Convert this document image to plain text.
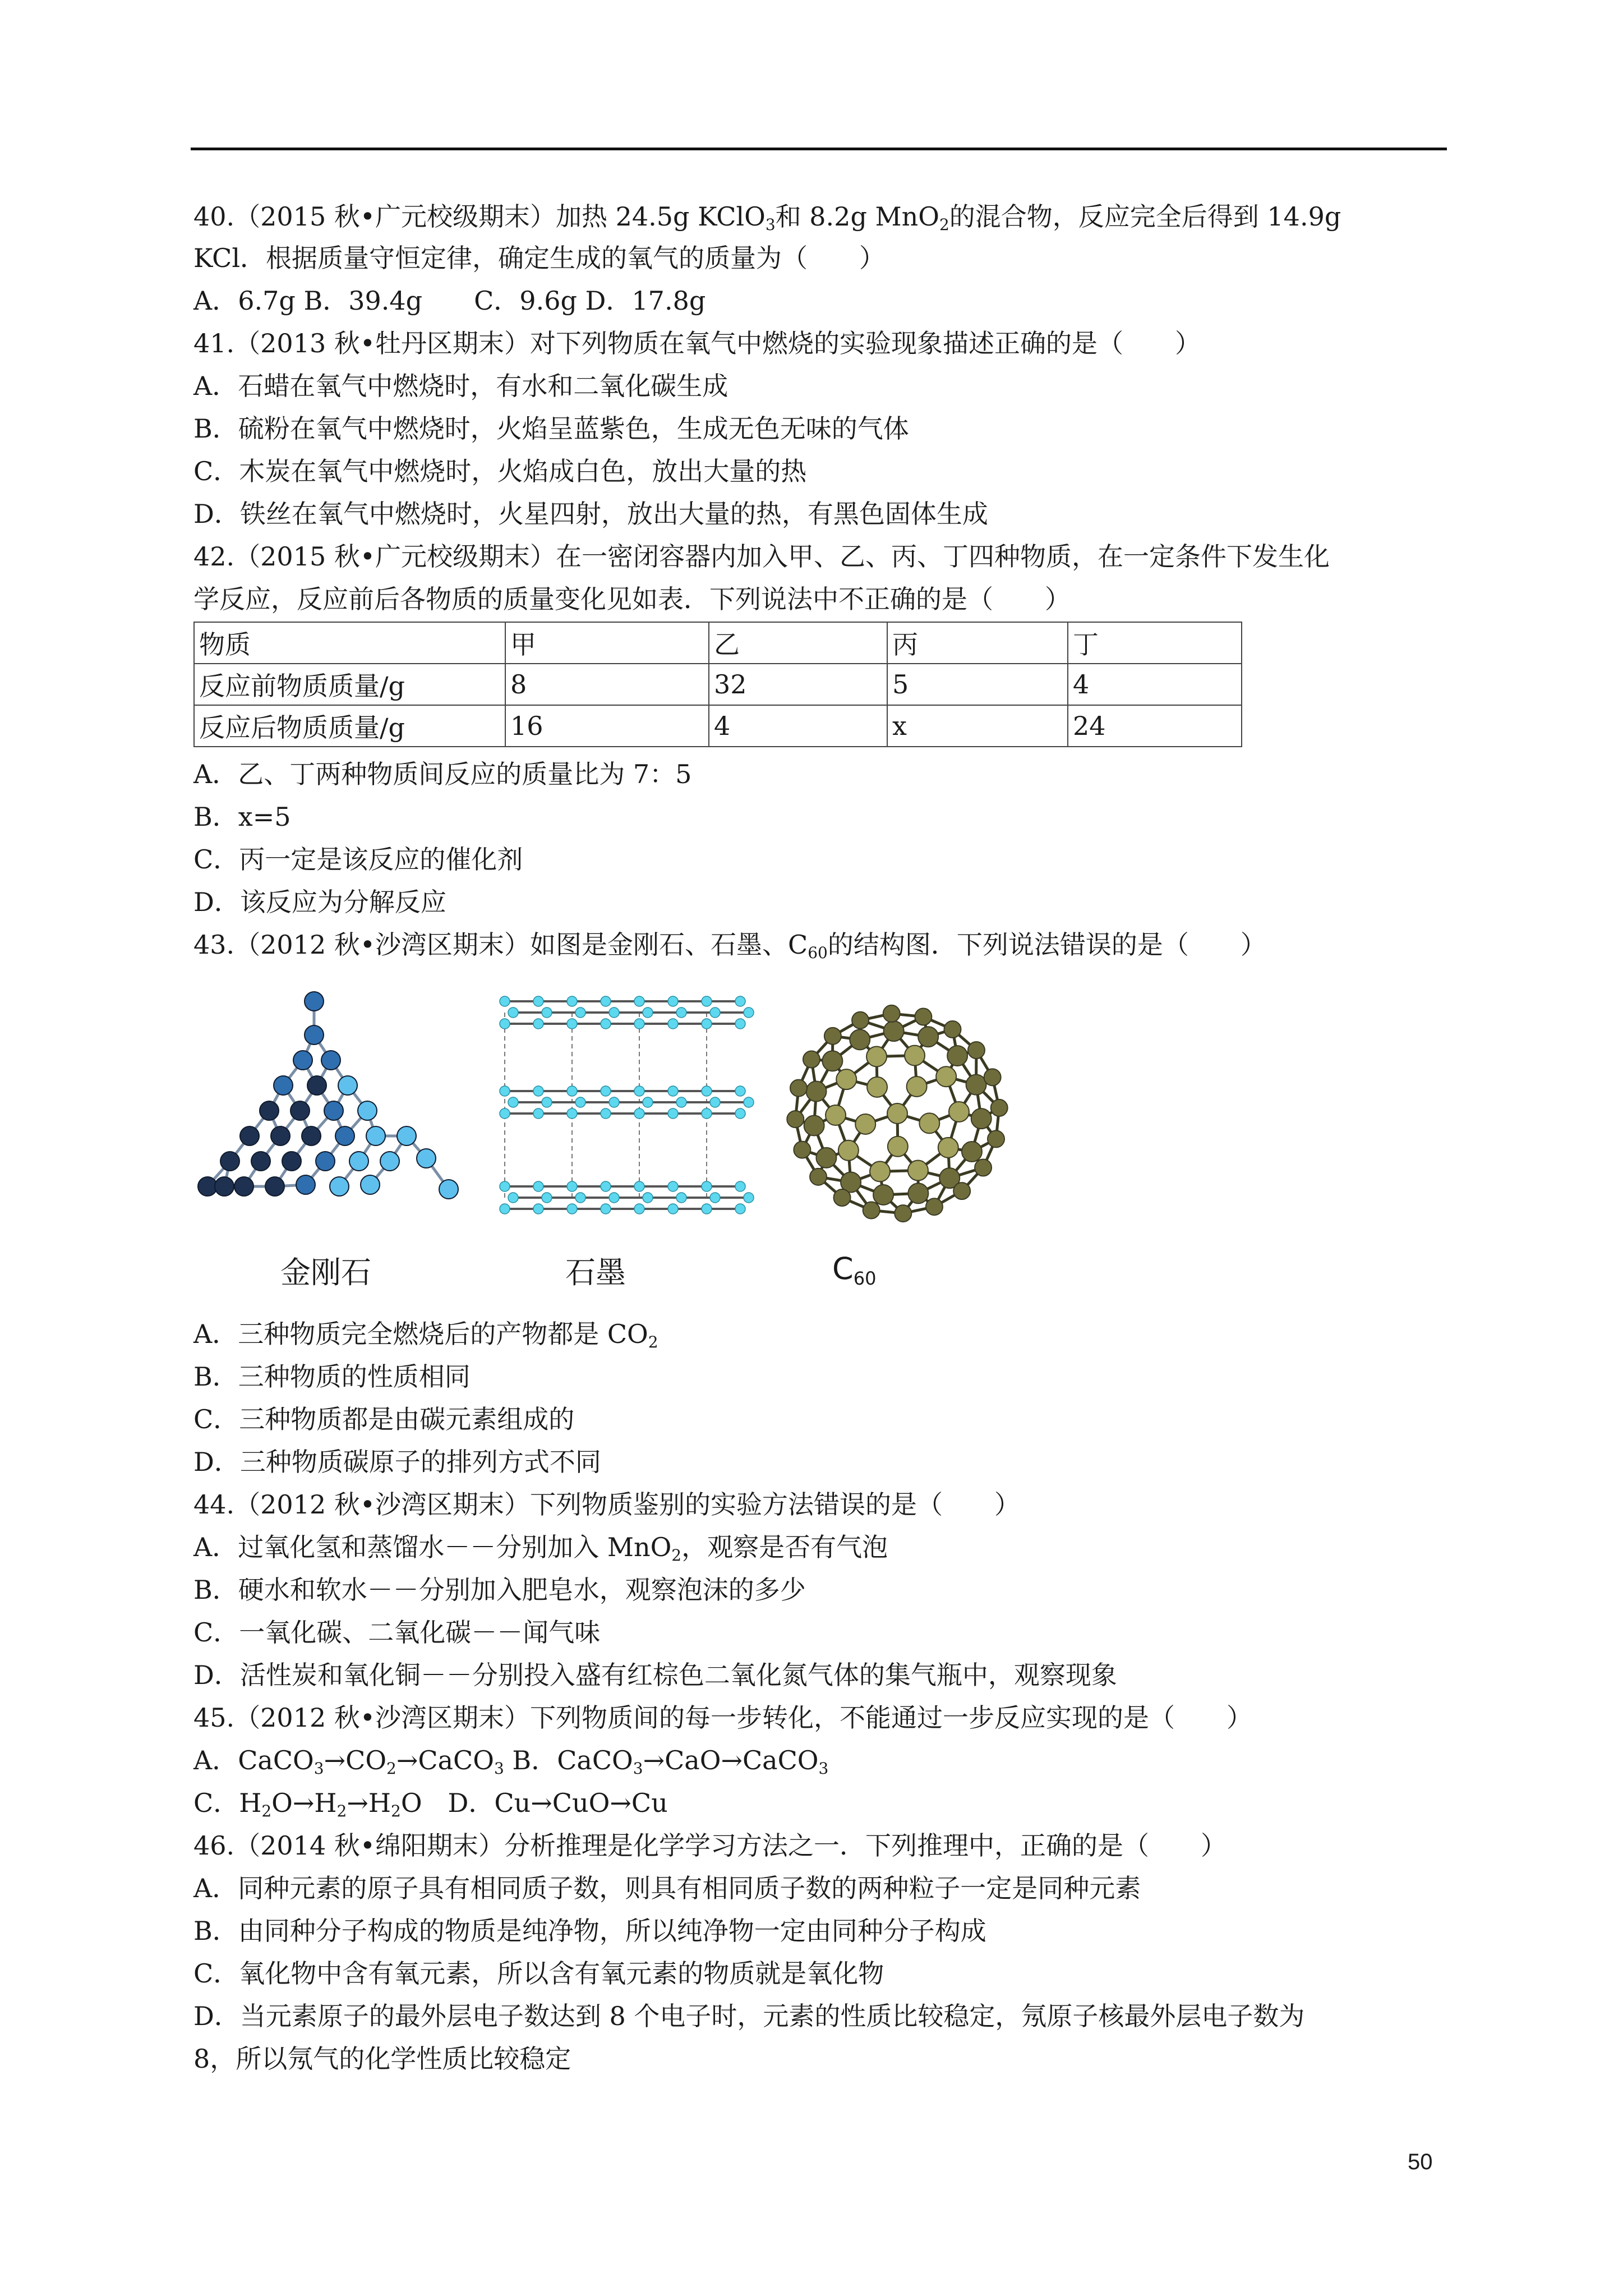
40.（2015 秋•广元校级期末）加热 24.5g KClO$_3$和 8.2g MnO$_2$的混合物，反应完全后得到 14.9g
KCl．根据质量守恒定律，确定生成的氧气的质量为（　　）
A．6.7g B．39.4g　　C．9.6g D．17.8g
41.（2013 秋•牡丹区期末）对下列物质在氧气中燃烧的实验现象描述正确的是（　　）
A．石蜡在氧气中燃烧时，有水和二氧化碳生成
B．硫粉在氧气中燃烧时，火焰呈蓝紫色，生成无色无味的气体
C．木炭在氧气中燃烧时，火焰成白色，放出大量的热
D．铁丝在氧气中燃烧时，火星四射，放出大量的热，有黑色固体生成
42.（2015 秋•广元校级期末）在一密闭容器内加入甲、乙、丙、丁四种物质，在一定条件下发生化
学反应，反应前后各物质的质量变化见如表．下列说法中不正确的是（　　）
物质	甲	乙	丙	丁
反应前物质质量/g	8	32	5	4
反应后物质质量/g	16	4	x	24
A．乙、丁两种物质间反应的质量比为 7：5
B．x=5
C．丙一定是该反应的催化剂
D．该反应为分解反应
43.（2012 秋•沙湾区期末）如图是金刚石、石墨、$C_{60}$的结构图．下列说法错误的是（　　）
金刚石	石墨	C60
A．三种物质完全燃烧后的产物都是 $CO_2$
B．三种物质的性质相同
C．三种物质都是由碳元素组成的
D．三种物质碳原子的排列方式不同
44.（2012 秋•沙湾区期末）下列物质鉴别的实验方法错误的是（　　）
A．过氧化氢和蒸馏水－－分别加入 MnO$_2$，观察是否有气泡
B．硬水和软水－－分别加入肥皂水，观察泡沫的多少
C．一氧化碳、二氧化碳－－闻气味
D．活性炭和氧化铜－－分别投入盛有红棕色二氧化氮气体的集气瓶中，观察现象
45.（2012 秋•沙湾区期末）下列物质间的每一步转化，不能通过一步反应实现的是（　　）
A．$CaCO_3\to CO_2\to CaCO_3$ B．CaCO$_3$→CaO→CaCO$_3$
C．$H_2O\to H_2\to H_2O$　D．Cu→CuO→Cu
46.（2014 秋•绵阳期末）分析推理是化学学习方法之一．下列推理中，正确的是（　　）
A．同种元素的原子具有相同质子数，则具有相同质子数的两种粒子一定是同种元素
B．由同种分子构成的物质是纯净物，所以纯净物一定由同种分子构成
C．氧化物中含有氧元素，所以含有氧元素的物质就是氧化物
D．当元素原子的最外层电子数达到 8 个电子时，元素的性质比较稳定，氖原子核最外层电子数为
8，所以氖气的化学性质比较稳定
50
